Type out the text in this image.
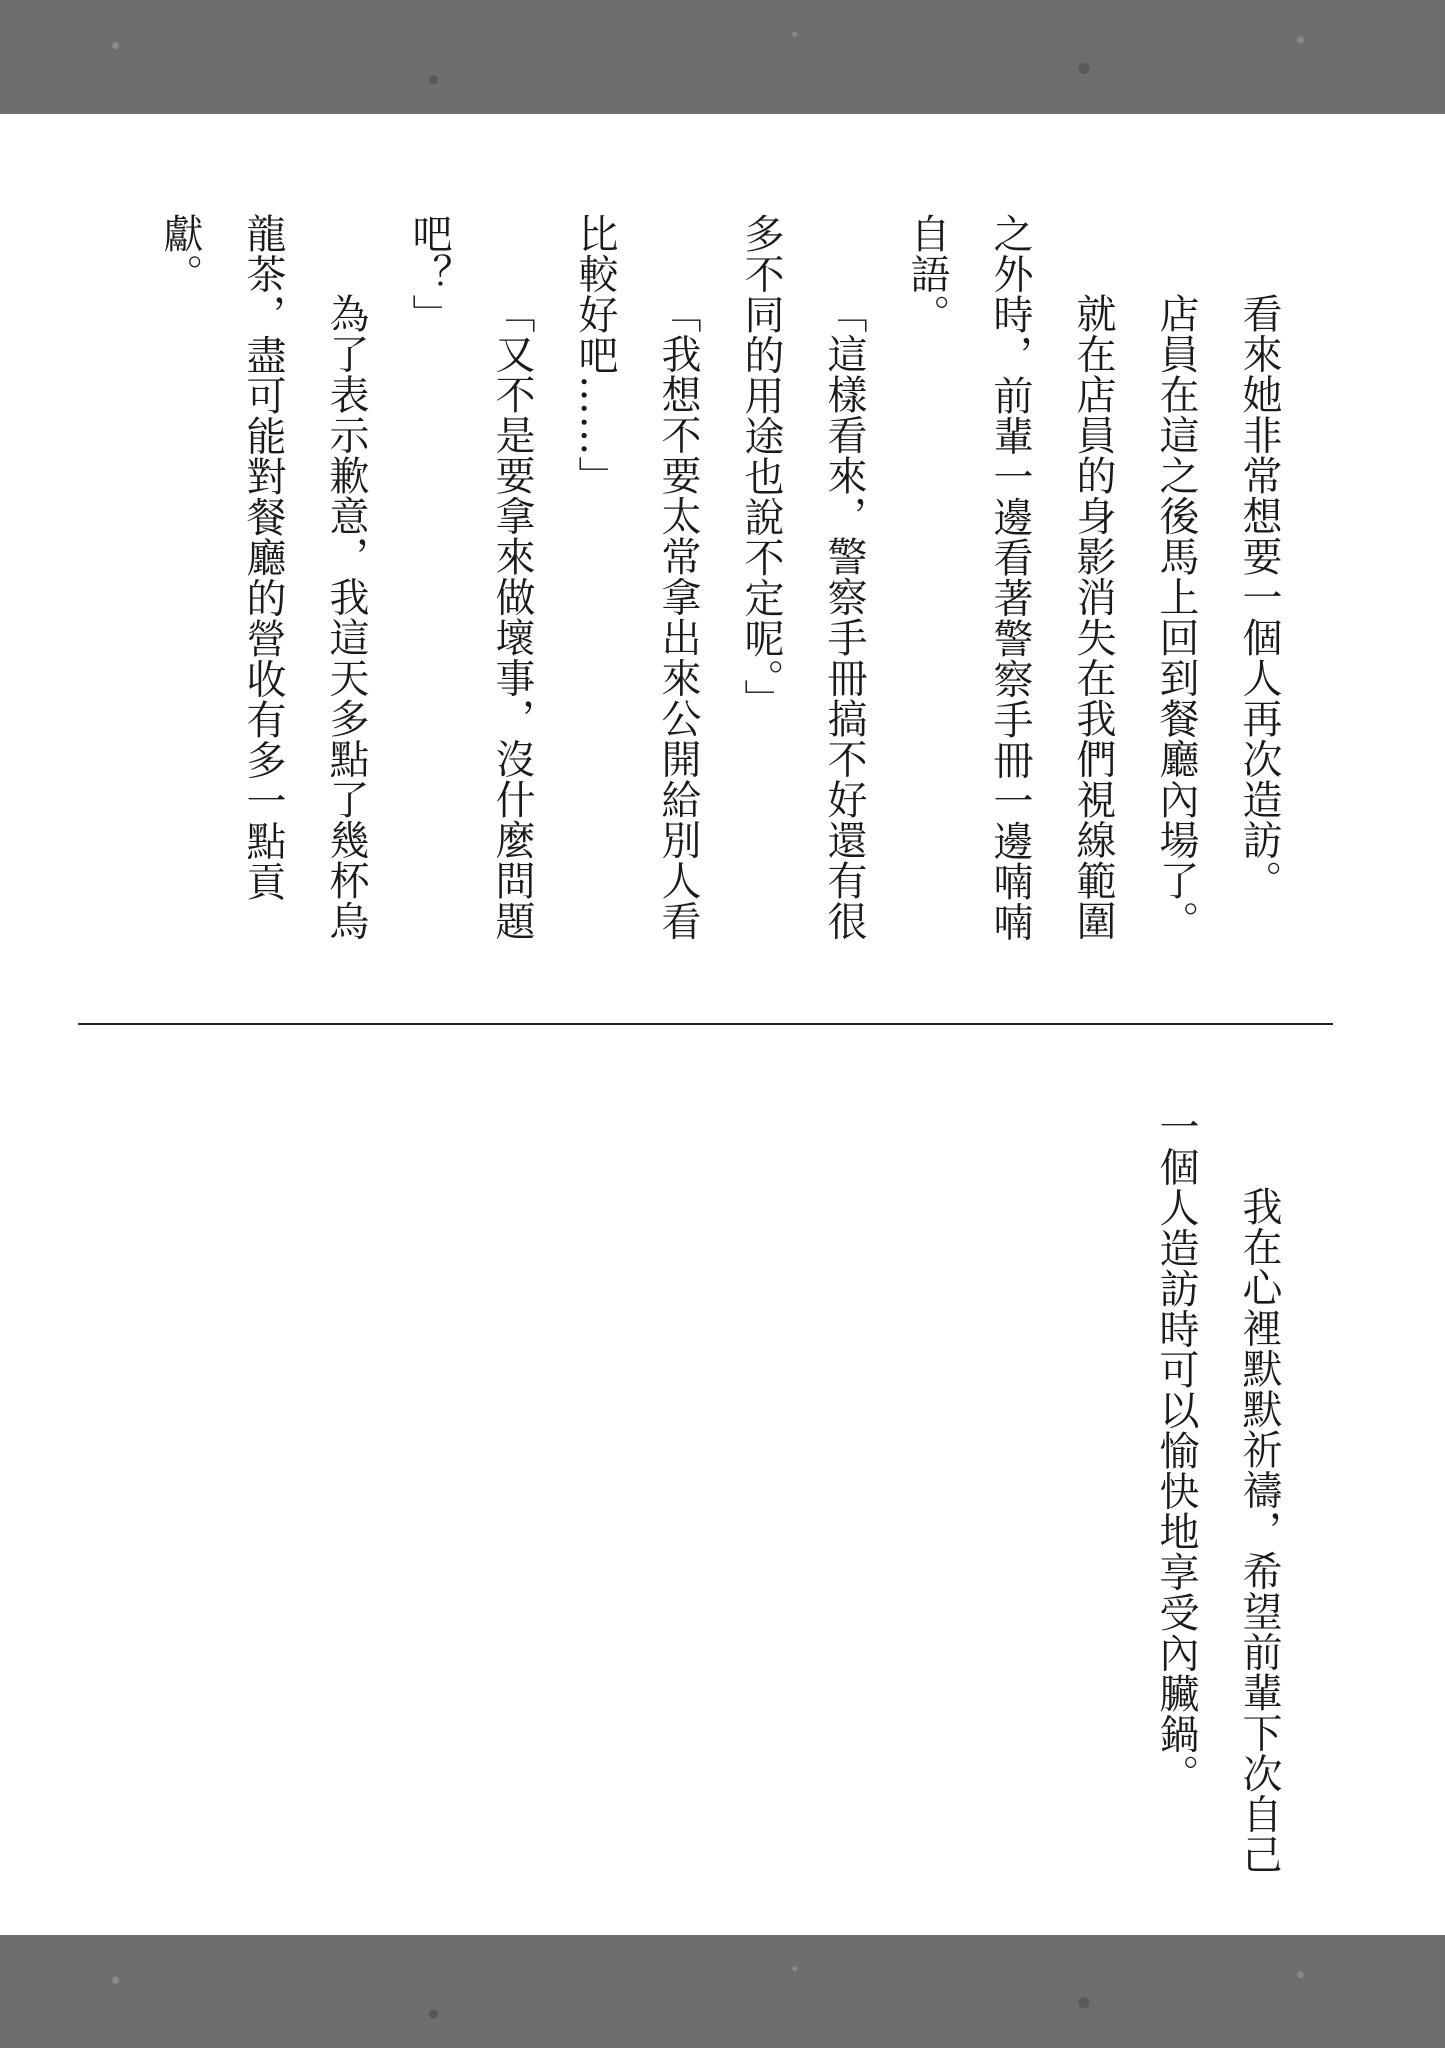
看來她非常想要一個人再次造訪。

店員在這之後馬上回到餐廳內場了。

就在店員的身影消失在我們視線範圍

之外時，前輩一邊看著警察手冊一邊喃喃

自語。

「這樣看來，警察手冊搞不好還有很

多不同的用途也說不定呢。」

「我想不要太常拿出來公開給別人看

比較好吧……」

「又不是要拿來做壞事，沒什麼問題

吧？」

為了表示歉意，我這天多點了幾杯烏

龍茶，盡可能對餐廳的營收有多一點貢

獻。

我在心裡默默祈禱，希望前輩下次自己

一個人造訪時可以愉快地享受內臟鍋。
